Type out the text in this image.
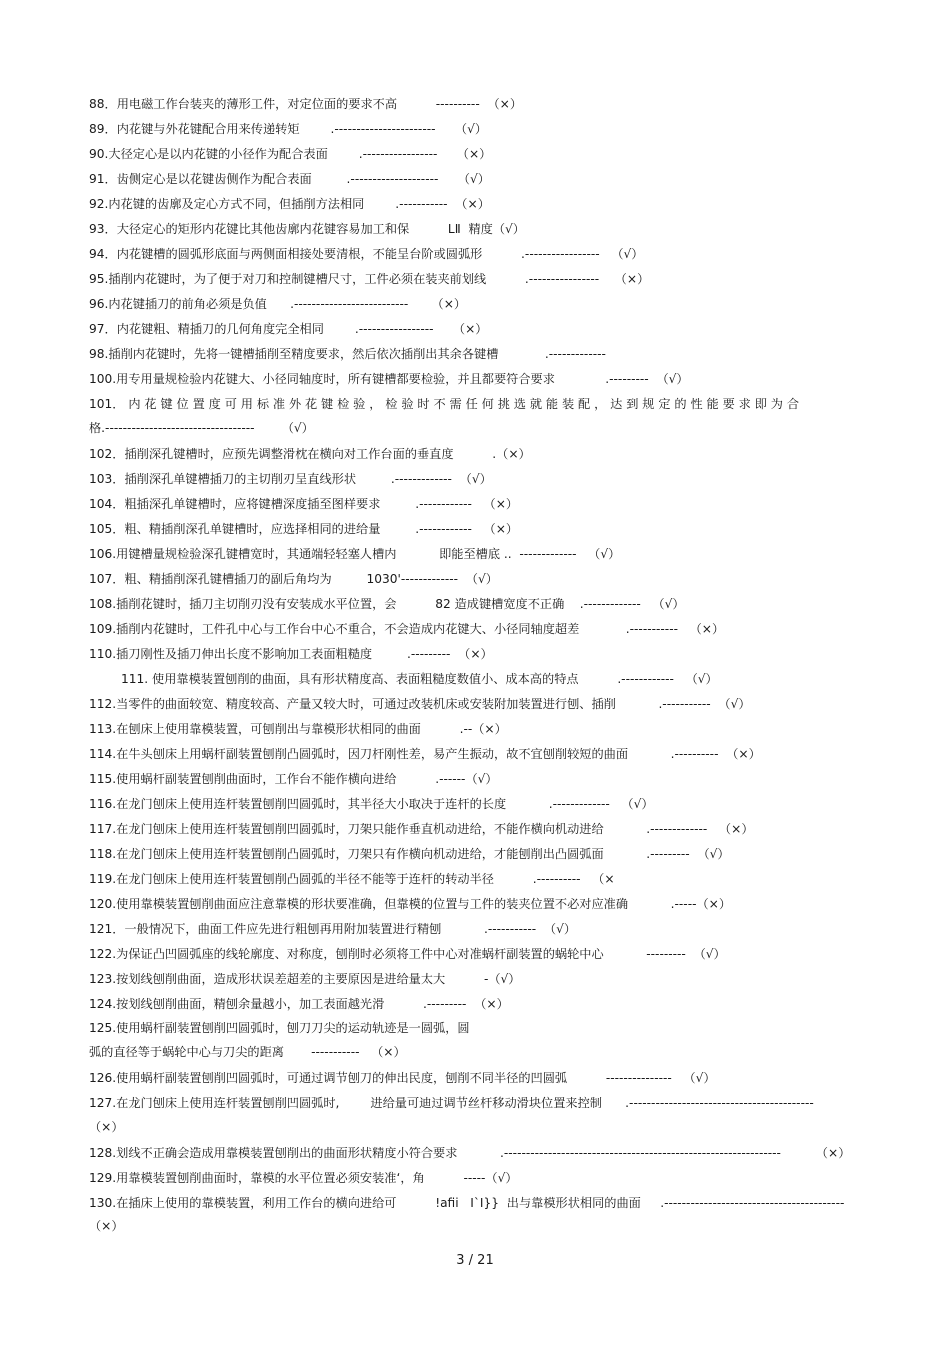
88．用电磁工作台装夹的薄形工件，对定位面的要求不高          ----------  （×）
89．内花键与外花键配合用来传递转矩        .-----------------------     （√）
90.大径定心是以内花键的小径作为配合表面        .-----------------     （×）
91．齿侧定心是以花键齿侧作为配合表面         .--------------------     （√）
92.内花键的齿廓及定心方式不同，但插削方法相同        .-----------  （×）
93．大径定心的矩形内花键比其他齿廓内花键容易加工和保          LⅡ  精度（√）
94．内花键槽的圆弧形底面与两侧面相接处要清根，不能呈台阶或圆弧形          .-----------------   （√）
95.插削内花键时，为了便于对刀和控制键槽尺寸，工件必须在装夹前划线          .----------------    （×）
96.内花键插刀的前角必须是负值      .--------------------------      （×）
97．内花键粗、精插刀的几何角度完全相同        .-----------------     （×）
98.插削内花键时，先将一键槽插削至精度要求，然后依次插削出其余各键槽            .-------------
100.用专用量规检验内花键大、小径同轴度时，所有键槽都要检验，并且都要符合要求             .---------  （√）
101． 内 花 键 位 置 度 可 用 标 准 外 花 键 检 验 ， 检 验 时 不 需 任 何 挑 选 就 能 装 配 ， 达 到 规 定 的 性 能 要 求 即 为 合
格.----------------------------------       （√）
102．插削深孔键槽时，应预先调整滑枕在横向对工作台面的垂直度          .（×）
103．插削深孔单键槽插刀的主切削刃呈直线形状         .-------------  （√）
104．粗插深孔单键槽时，应将键槽深度插至图样要求         .------------   （×）
105．粗、精插削深孔单键槽时，应选择相同的进给量         .------------   （×）
106.用键槽量规检验深孔键槽宽时，其通端轻轻塞人槽内           即能至槽底 ..  -------------   （√）
107．粗、精插削深孔键槽插刀的副后角均为         1030'-------------  （√）
108.插削花键时，插刀主切削刃没有安装成水平位置，会          82 造成键槽宽度不正确    .-------------   （√）
109.插削内花键时，工件孔中心与工作台中心不重合，不会造成内花键大、小径同轴度超差            .-----------   （×）
110.插刀刚性及插刀伸出长度不影响加工表面粗糙度         .---------  （×）
111. 使用靠模装置刨削的曲面，具有形状精度高、表面粗糙度数值小、成本高的特点          .------------   （√）
112.当零件的曲面较宽、精度较高、产量又较大时，可通过改装机床或安装附加装置进行刨、插削           .-----------  （√）
113.在刨床上使用靠模装置，可刨削出与靠模形状相同的曲面          .--（×）
114.在牛头刨床上用蜗杆副装置刨削凸圆弧时，因刀杆刚性差，易产生振动，故不宜刨削较短的曲面           .----------  （×）
115.使用蜗杆副装置刨削曲面时，工作台不能作横向进给          .------（√）
116.在龙门刨床上使用连杆装置刨削凹圆弧时，其半径大小取决于连杆的长度           .-------------   （√）
117.在龙门刨床上使用连杆装置刨削凹圆弧时，刀架只能作垂直机动进给，不能作横向机动进给           .-------------   （×）
118.在龙门刨床上使用连杆装置刨削凸圆弧时，刀架只有作横向机动进给，才能刨削出凸圆弧面           .---------  （√）
119.在龙门刨床上使用连杆装置刨削凸圆弧的半径不能等于连杆的转动半径          .----------   （×
120.使用靠模装置刨削曲面应注意靠模的形状要准确，但靠模的位置与工件的装夹位置不必对应准确           .-----（×）
121．一般情况下，曲面工件应先进行粗刨再用附加装置进行精刨           .-----------  （√）
122.为保证凸凹圆弧座的线轮廓度、对称度，刨削时必须将工件中心对准蜗杆副装置的蜗轮中心           ---------  （√）
123.按划线刨削曲面，造成形状误差超差的主要原因是进给量太大          -（√）
124.按划线刨削曲面，精刨余量越小，加工表面越光滑          .---------  （×）
125.使用蜗杆副装置刨削凹圆弧时，刨刀刀尖的运动轨迹是一圆弧，圆
弧的直径等于蜗轮中心与刀尖的距离       -----------   （×）
126.使用蜗杆副装置刨削凹圆弧时，可通过调节刨刀的伸出民度，刨削不同半径的凹圆弧          ---------------   （√）
127.在龙门刨床上使用连杆装置刨削凹圆弧时,        进给量可迪过调节丝杆移动滑块位置来控制      .------------------------------------------
（×）
128.划线不正确会造成用靠模装置刨削出的曲面形状精度小符合要求           .---------------------------------------------------------------         （×）
129.用靠模装置刨削曲面时，靠模的水平位置必须安装准‘，角          -----（√）
130.在插床上使用的靠模装置，利用工作台的横向进给可          !afii   I`I}}  出与靠模形状相同的曲面     .-----------------------------------------
（×）
3 / 21
